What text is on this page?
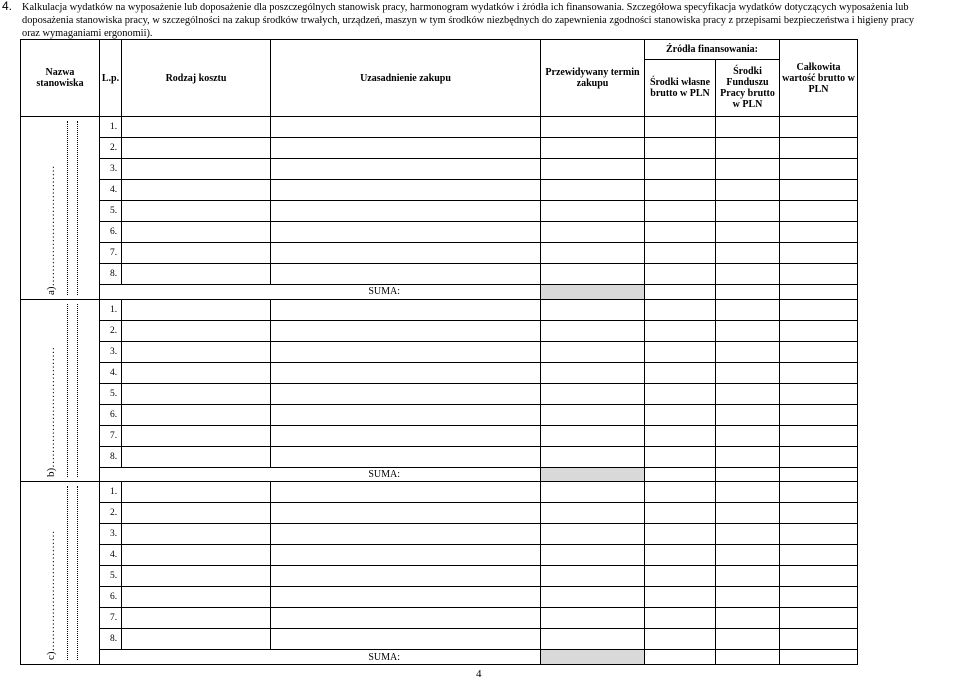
4. Kalkulacja wydatków na wyposażenie lub doposażenie dla poszczególnych stanowisk pracy, harmonogram wydatków i źródła ich finansowania. Szczegółowa specyfikacja wydatków dotyczących wyposażenia lub
doposażenia stanowiska pracy, w szczególności na zakup środków trwałych, urządzeń, maszyn w tym środków niezbędnych do zapewnienia zgodności stanowiska pracy z przepisami bezpieczeństwa i higieny pracy
oraz wymaganiami ergonomii).
Nazwa stanowiska	L.p.	Rodzaj kosztu	Uzasadnienie zakupu	Przewidywany termin zakupu	Źródła finansowania:		Całkowita wartość brutto w PLN
					Środki własne brutto w PLN	Środki Funduszu Pracy brutto w PLN	

a)……………………………	1.						
	2.						
	3.						
	4.						
	5.						
	6.						
	7.						
	8.						
	SUMA:						

b)……………………………	1.						
	2.						
	3.						
	4.						
	5.						
	6.						
	7.						
	8.						
	SUMA:						

c)……………………………	1.						
	2.						
	3.						
	4.						
	5.						
	6.						
	7.						
	8.						
	SUMA:						
4
